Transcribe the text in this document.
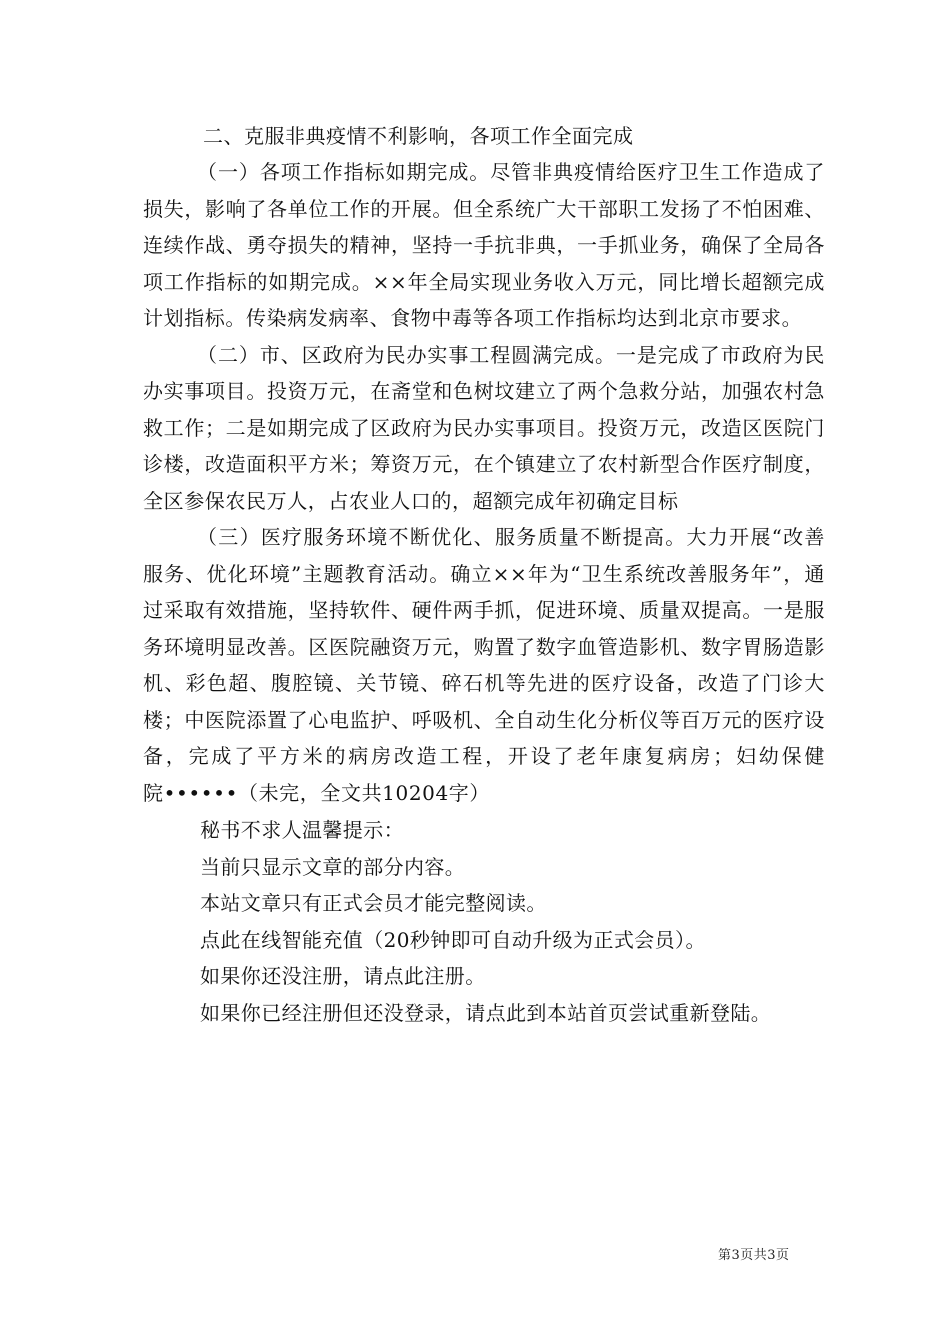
二、克服非典疫情不利影响，各项工作全面完成

（一）各项工作指标如期完成。尽管非典疫情给医疗卫生工作造成了损失，影响了各单位工作的开展。但全系统广大干部职工发扬了不怕困难、连续作战、勇夺损失的精神，坚持一手抗非典，一手抓业务，确保了全局各项工作指标的如期完成。××年全局实现业务收入万元，同比增长超额完成计划指标。传染病发病率、食物中毒等各项工作指标均达到北京市要求。

（二）市、区政府为民办实事工程圆满完成。一是完成了市政府为民办实事项目。投资万元，在斋堂和色树坟建立了两个急救分站，加强农村急救工作；二是如期完成了区政府为民办实事项目。投资万元，改造区医院门诊楼，改造面积平方米；筹资万元，在个镇建立了农村新型合作医疗制度，全区参保农民万人，占农业人口的，超额完成年初确定目标

（三）医疗服务环境不断优化、服务质量不断提高。大力开展“改善服务、优化环境”主题教育活动。确立××年为“卫生系统改善服务年”，通过采取有效措施，坚持软件、硬件两手抓，促进环境、质量双提高。一是服务环境明显改善。区医院融资万元，购置了数字血管造影机、数字胃肠造影机、彩色超、腹腔镜、关节镜、碎石机等先进的医疗设备，改造了门诊大楼；中医院添置了心电监护、呼吸机、全自动生化分析仪等百万元的医疗设备，完成了平方米的病房改造工程，开设了老年康复病房；妇幼保健

院••••••（未完，全文共10204字）

秘书不求人温馨提示：

当前只显示文章的部分内容。

本站文章只有正式会员才能完整阅读。

点此在线智能充值（20秒钟即可自动升级为正式会员）。

如果你还没注册，请点此注册。

如果你已经注册但还没登录，请点此到本站首页尝试重新登陆。

第3页共3页
